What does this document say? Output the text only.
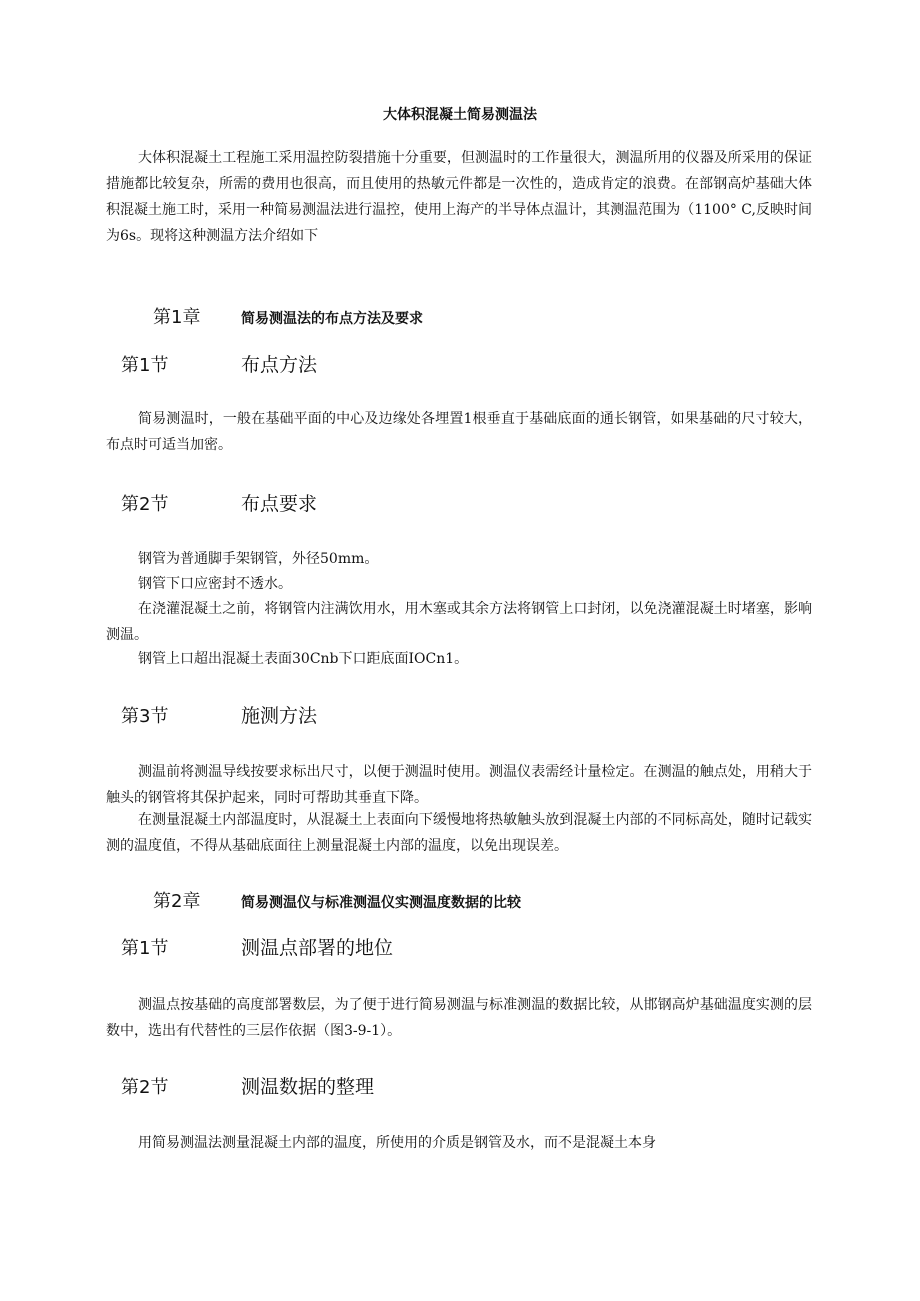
大体积混凝土简易测温法

大体积混凝土工程施工采用温控防裂措施十分重要，但测温时的工作量很大，测温所用的仪器及所采用的保证措施都比较复杂，所需的费用也很高，而且使用的热敏元件都是一次性的，造成肯定的浪费。在部钢高炉基础大体积混凝土施工时，采用一种简易测温法进行温控，使用上海产的半导体点温计，其测温范围为（1100° C,反映时间为6s。现将这种测温方法介绍如下

第1章	简易测温法的布点方法及要求
第1节	布点方法

简易测温时，一般在基础平面的中心及边缘处各埋置1根垂直于基础底面的通长钢管，如果基础的尺寸较大，布点时可适当加密。

第2节	布点要求
钢管为普通脚手架钢管，外径50mm。
钢管下口应密封不透水。

在浇灌混凝土之前，将钢管内注满饮用水，用木塞或其余方法将钢管上口封闭，以免浇灌混凝土时堵塞，影响测温。

钢管上口超出混凝土表面30Cnb下口距底面IOCn1。
第3节	施测方法

测温前将测温导线按要求标出尺寸，以便于测温时使用。测温仪表需经计量检定。在测温的触点处，用稍大于触头的钢管将其保护起来，同时可帮助其垂直下降。

在测量混凝土内部温度时，从混凝土上表面向下缓慢地将热敏触头放到混凝土内部的不同标高处，随时记载实测的温度值，不得从基础底面往上测量混凝土内部的温度，以免出现误差。

第2章	简易测温仪与标准测温仪实测温度数据的比较
第1节	测温点部署的地位

测温点按基础的高度部署数层，为了便于进行简易测温与标准测温的数据比较，从邯钢高炉基础温度实测的层数中，选出有代替性的三层作依据（图3-9-1）。

第2节	测温数据的整理

用简易测温法测量混凝土内部的温度，所使用的介质是钢管及水，而不是混凝土本身
